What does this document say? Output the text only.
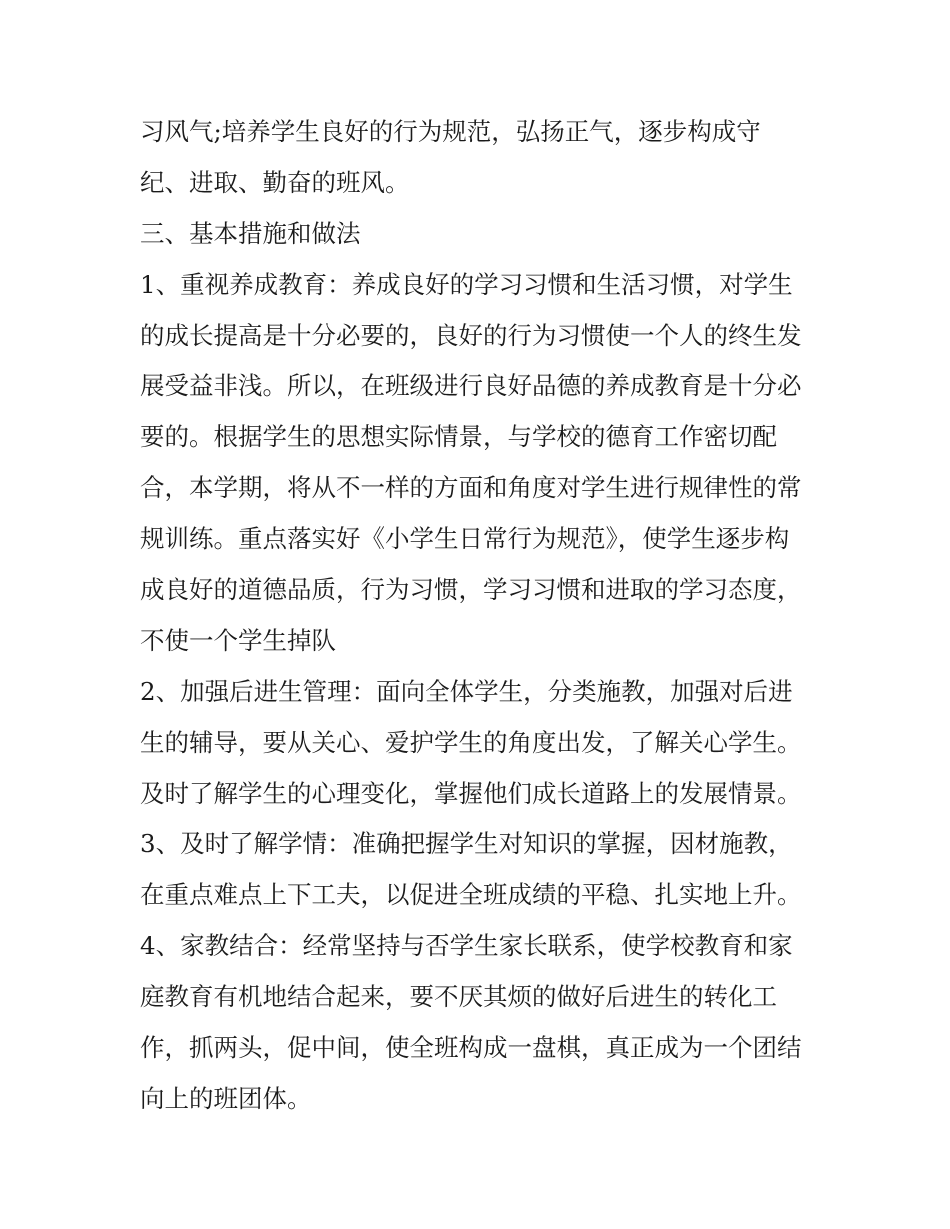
习风气;培养学生良好的行为规范，弘扬正气，逐步构成守
纪、进取、勤奋的班风。
三、基本措施和做法
1、重视养成教育：养成良好的学习习惯和生活习惯，对学生
的成长提高是十分必要的，良好的行为习惯使一个人的终生发
展受益非浅。所以，在班级进行良好品德的养成教育是十分必
要的。根据学生的思想实际情景，与学校的德育工作密切配
合，本学期，将从不一样的方面和角度对学生进行规律性的常
规训练。重点落实好《小学生日常行为规范》，使学生逐步构
成良好的道德品质，行为习惯，学习习惯和进取的学习态度，
不使一个学生掉队
2、加强后进生管理：面向全体学生，分类施教，加强对后进
生的辅导，要从关心、爱护学生的角度出发，了解关心学生。
及时了解学生的心理变化，掌握他们成长道路上的发展情景。
3、及时了解学情：准确把握学生对知识的掌握，因材施教，
在重点难点上下工夫，以促进全班成绩的平稳、扎实地上升。
4、家教结合：经常坚持与否学生家长联系，使学校教育和家
庭教育有机地结合起来，要不厌其烦的做好后进生的转化工
作，抓两头，促中间，使全班构成一盘棋，真正成为一个团结
向上的班团体。
